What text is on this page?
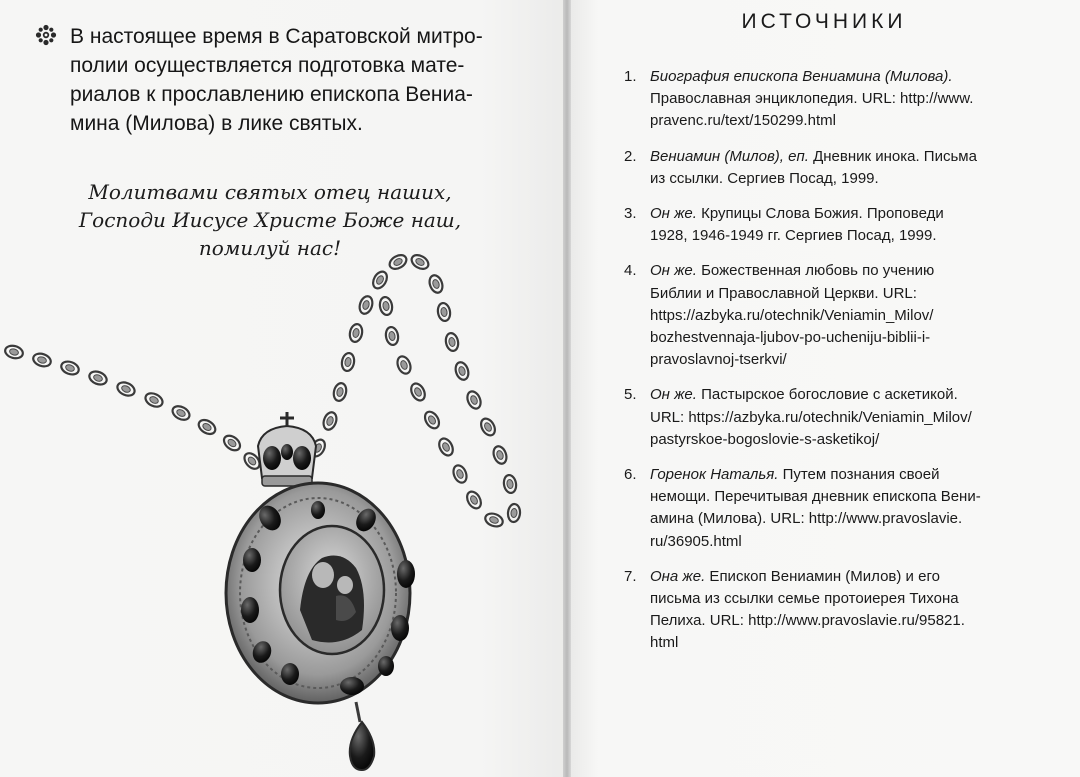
В настоящее время в Саратовской митро-
полии осуществляется подготовка мате-
риалов к прославлению епископа Вениа-
мина (Милова) в лике святых.
Молитвами святых отец наших,
Господи Иисусе Христе Боже наш,
помилуй нас!
ИСТОЧНИКИ
1. Биография епископа Вениамина (Милова).
Православная энциклопедия. URL: http://www.
pravenc.ru/text/150299.html
2. Вениамин (Милов), еп. Дневник инока. Письма
из ссылки. Сергиев Посад, 1999.
3. Он же. Крупицы Слова Божия. Проповеди
1928, 1946-1949 гг. Сергиев Посад, 1999.
4. Он же. Божественная любовь по учению
Библии и Православной Церкви. URL:
https://azbyka.ru/otechnik/Veniamin_Milov/
bozhestvennaja-ljubov-po-ucheniju-biblii-i-
pravoslavnoj-tserkvi/
5. Он же. Пастырское богословие с аскетикой.
URL: https://azbyka.ru/otechnik/Veniamin_Milov/
pastyrskoe-bogoslovie-s-asketikoj/
6. Горенок Наталья. Путем познания своей
немощи. Перечитывая дневник епископа Вени-
амина (Милова). URL: http://www.pravoslavie.
ru/36905.html
7. Она же. Епископ Вениамин (Милов) и его
письма из ссылки семье протоиерея Тихона
Пелиха. URL: http://www.pravoslavie.ru/95821.
html
